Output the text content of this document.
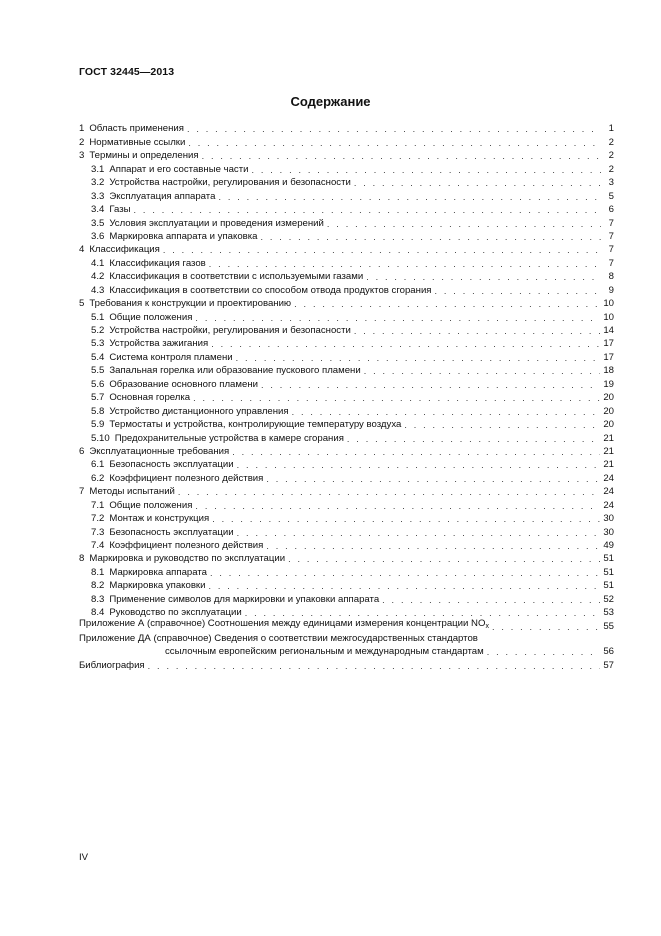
ГОСТ 32445—2013
Содержание
1 Область применения . . .	1
2 Нормативные ссылки . . .	2
3 Термины и определения . . .	2
3.1 Аппарат и его составные части . . .	2
3.2 Устройства настройки, регулирования и безопасности . . .	3
3.3 Эксплуатация аппарата . . .	5
3.4 Газы . . .	6
3.5 Условия эксплуатации и проведения измерений . . .	7
3.6 Маркировка аппарата и упаковка . . .	7
4 Классификация . . .	7
4.1 Классификация газов . . .	7
4.2 Классификация в соответствии с используемыми газами . . .	8
4.3 Классификация в соответствии со способом отвода продуктов сгорания . . .	9
5 Требования к конструкции и проектированию . . .	10
5.1 Общие положения . . .	10
5.2 Устройства настройки, регулирования и безопасности . . .	14
5.3 Устройства зажигания . . .	17
5.4 Система контроля пламени . . .	17
5.5 Запальная горелка или образование пускового пламени . . .	18
5.6 Образование основного пламени . . .	19
5.7 Основная горелка . . .	20
5.8 Устройство дистанционного управления . . .	20
5.9 Термостаты и устройства, контролирующие температуру воздуха . . .	20
5.10 Предохранительные устройства в камере сгорания . . .	21
6 Эксплуатационные требования . . .	21
6.1 Безопасность эксплуатации . . .	21
6.2 Коэффициент полезного действия . . .	24
7 Методы испытаний . . .	24
7.1 Общие положения . . .	24
7.2 Монтаж и конструкция . . .	30
7.3 Безопасность эксплуатации . . .	30
7.4 Коэффициент полезного действия . . .	49
8 Маркировка и руководство по эксплуатации . . .	51
8.1 Маркировка аппарата . . .	51
8.2 Маркировка упаковки . . .	51
8.3 Применение символов для маркировки и упаковки аппарата . . .	52
8.4 Руководство по эксплуатации . . .	53
Приложение А (справочное) Соотношения между единицами измерения концентрации $NO_x$ . . .	55
Приложение ДА (справочное) Сведения о соответствии межгосударственных стандартов
ссылочным европейским региональным и международным стандартам . . .	56
Библиография . . .	57
IV
